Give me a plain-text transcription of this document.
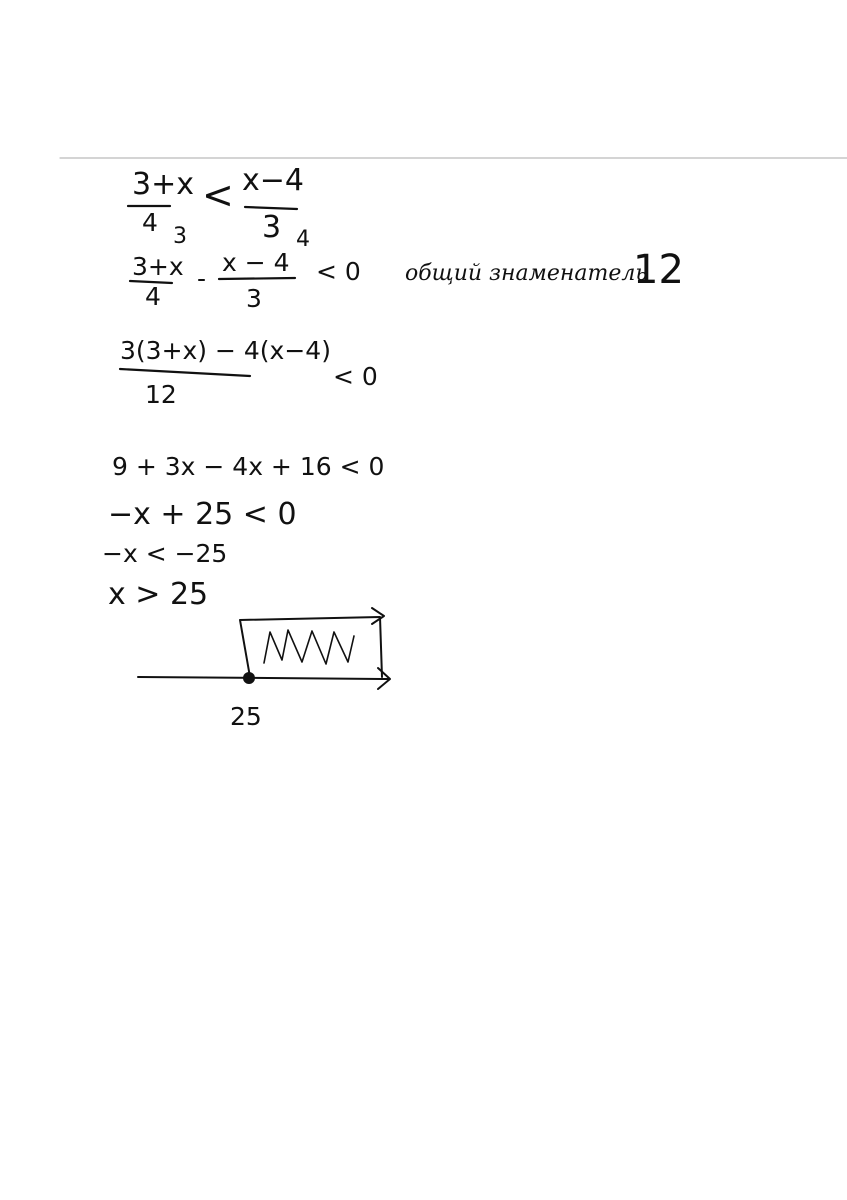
3+x
4
< x−4
3
3	4
3+x
4
-
x − 4
3
< 0 общий знаменатель
12
3(3+x) − 4(x−4)
12
< 0
9 + 3x − 4x + 16 < 0
−x + 25 < 0
−x < −25
x > 25
25
